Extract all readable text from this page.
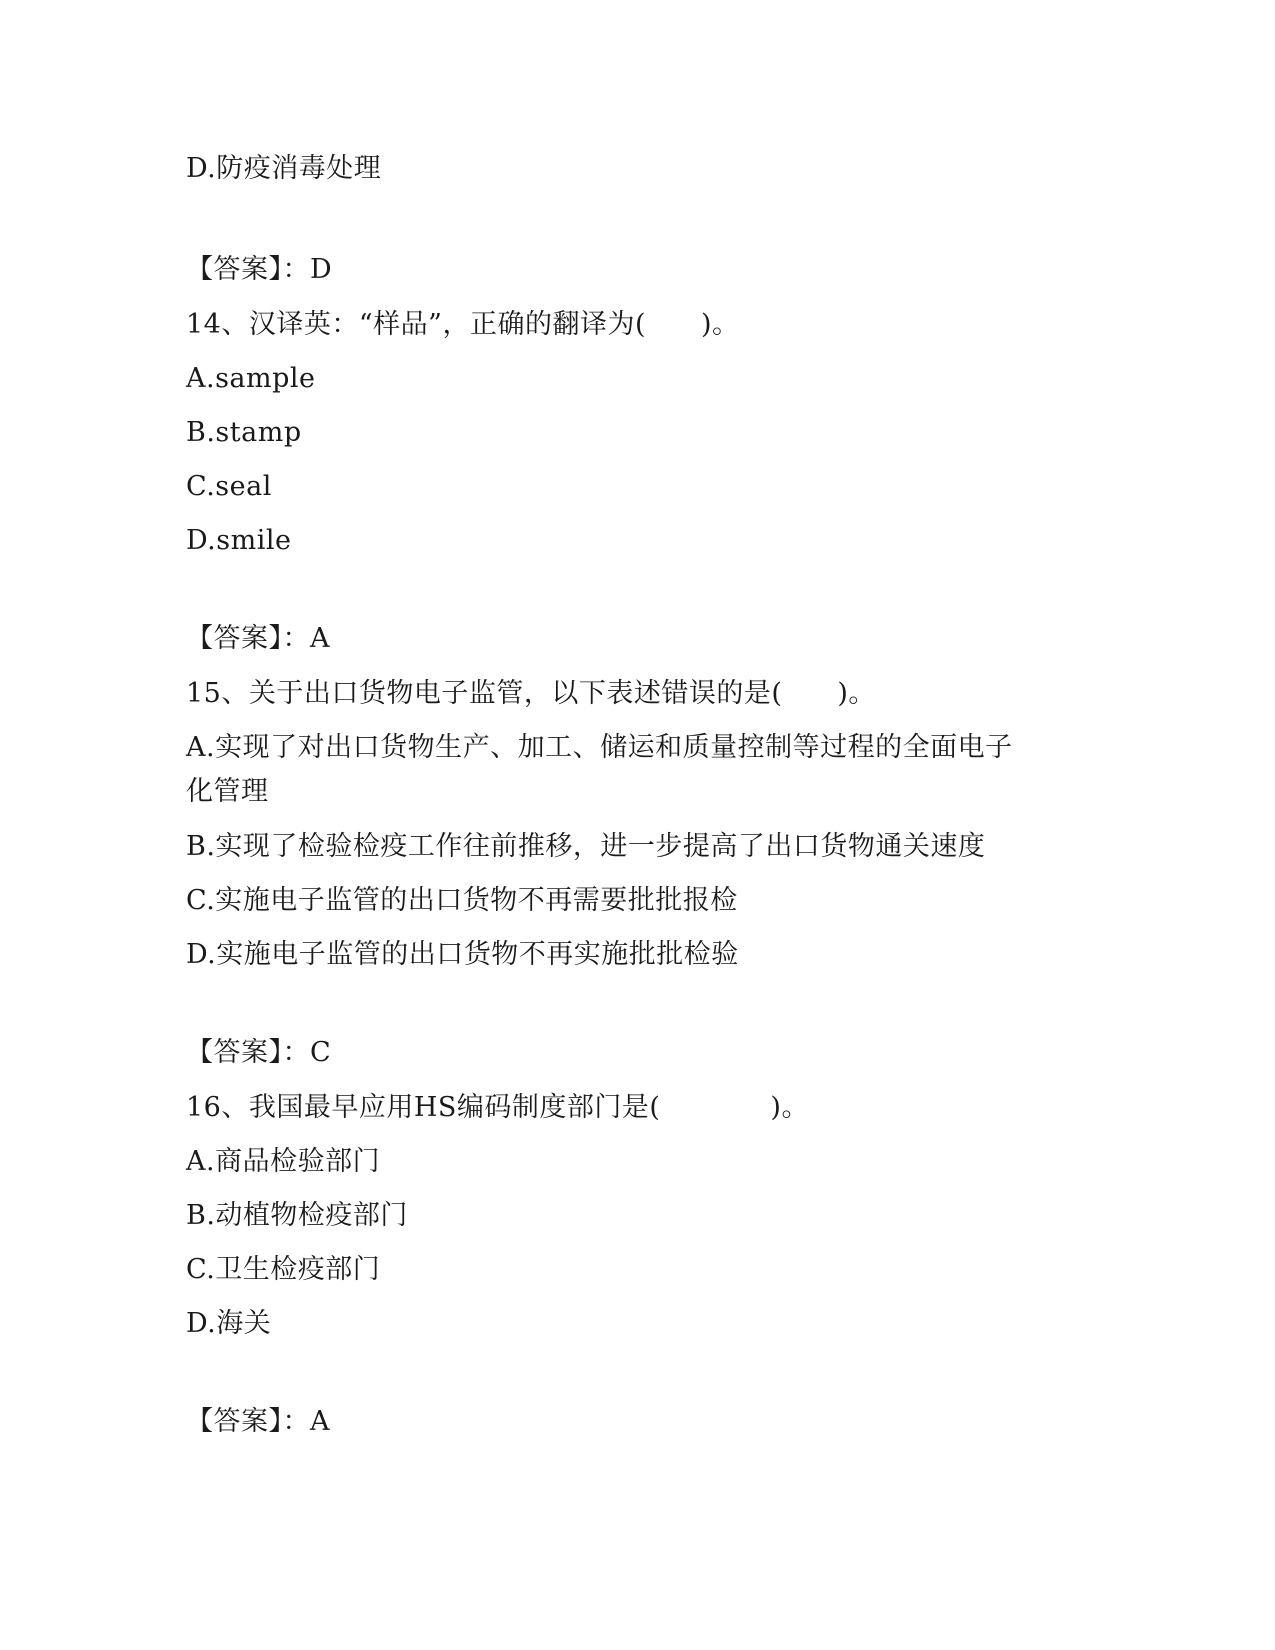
D.防疫消毒处理
【答案】：D
14、汉译英：“样品”，正确的翻译为(　　)。
A.sample
B.stamp
C.seal
D.smile
【答案】：A
15、关于出口货物电子监管，以下表述错误的是(　　)。
A.实现了对出口货物生产、加工、储运和质量控制等过程的全面电子
化管理
B.实现了检验检疫工作往前推移，进一步提高了出口货物通关速度
C.实施电子监管的出口货物不再需要批批报检
D.实施电子监管的出口货物不再实施批批检验
【答案】：C
16、我国最早应用HS编码制度部门是(　　　　)。
A.商品检验部门
B.动植物检疫部门
C.卫生检疫部门
D.海关
【答案】：A
